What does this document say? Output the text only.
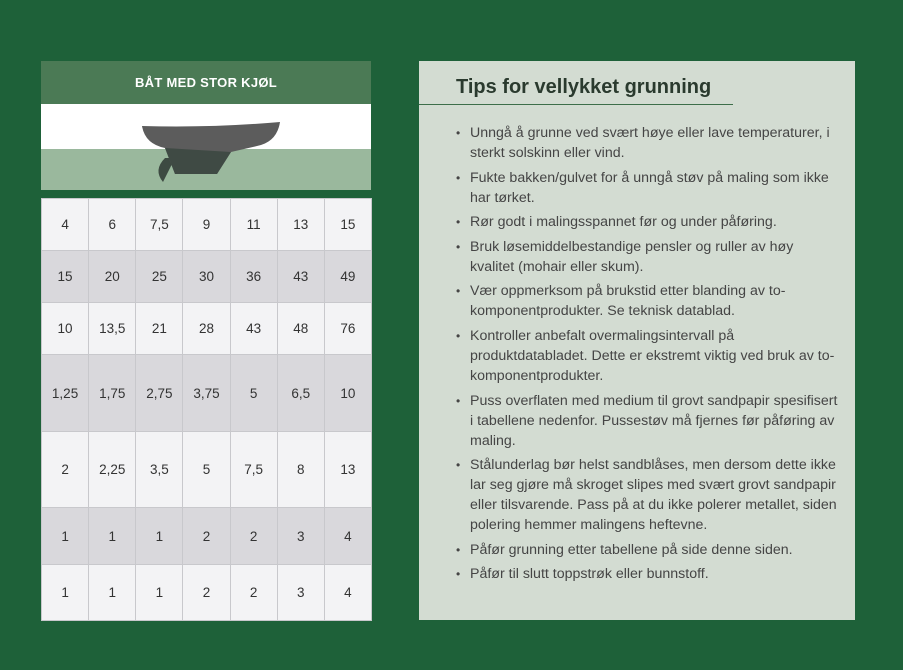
BÅT MED STOR KJØL
4	6	7,5	9	11	13	15
15	20	25	30	36	43	49
10	13,5	21	28	43	48	76
1,25	1,75	2,75	3,75	5	6,5	10
2	2,25	3,5	5	7,5	8	13
1	1	1	2	2	3	4
1	1	1	2	2	3	4
Tips for vellykket grunning
• Unngå å grunne ved svært høye eller lave temperaturer, i sterkt solskinn eller vind.
• Fukte bakken/gulvet for å unngå støv på maling som ikke har tørket.
• Rør godt i malingsspannet før og under påføring.
• Bruk løsemiddelbestandige pensler og ruller av høy kvalitet (mohair eller skum).
• Vær oppmerksom på brukstid etter blanding av to-komponentprodukter. Se teknisk datablad.
• Kontroller anbefalt overmalingsintervall på produktdatabladet. Dette er ekstremt viktig ved bruk av to-komponentprodukter.
• Puss overflaten med medium til grovt sandpapir spesifisert i tabellene nedenfor. Pussestøv må fjernes før påføring av maling.
• Stålunderlag bør helst sandblåses, men dersom dette ikke lar seg gjøre må skroget slipes med svært grovt sandpapir eller tilsvarende. Pass på at du ikke polerer metallet, siden polering hemmer malingens heftevne.
• Påfør grunning etter tabellene på side denne siden.
• Påfør til slutt toppstrøk eller bunnstoff.
